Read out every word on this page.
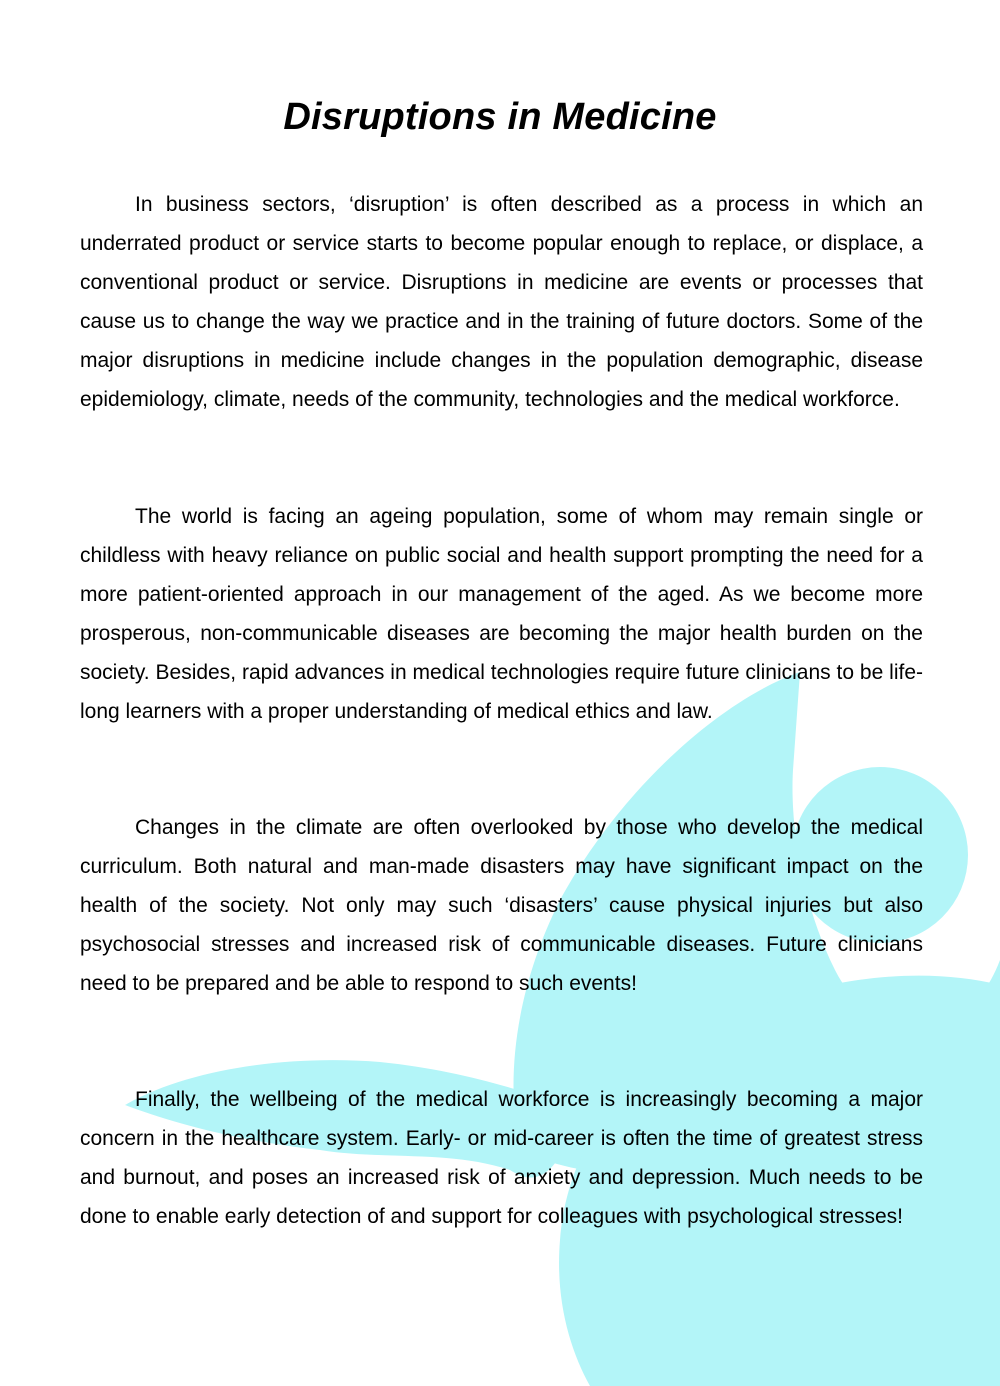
Disruptions in Medicine

In business sectors, ‘disruption’ is often described as a process in which an underrated product or service starts to become popular enough to replace, or displace, a conventional product or service. Disruptions in medicine are events or processes that cause us to change the way we practice and in the training of future doctors. Some of the major disruptions in medicine include changes in the population demographic, disease epidemiology, climate, needs of the community, technologies and the medical workforce.

The world is facing an ageing population, some of whom may remain single or childless with heavy reliance on public social and health support prompting the need for a more patient-oriented approach in our management of the aged. As we become more prosperous, non-communicable diseases are becoming the major health burden on the society. Besides, rapid advances in medical technologies require future clinicians to be life-long learners with a proper understanding of medical ethics and law.

Changes in the climate are often overlooked by those who develop the medical curriculum. Both natural and man-made disasters may have significant impact on the health of the society. Not only may such ‘disasters’ cause physical injuries but also psychosocial stresses and increased risk of communicable diseases. Future clinicians need to be prepared and be able to respond to such events!

Finally, the wellbeing of the medical workforce is increasingly becoming a major concern in the healthcare system. Early- or mid-career is often the time of greatest stress and burnout, and poses an increased risk of anxiety and depression. Much needs to be done to enable early detection of and support for colleagues with psychological stresses!
